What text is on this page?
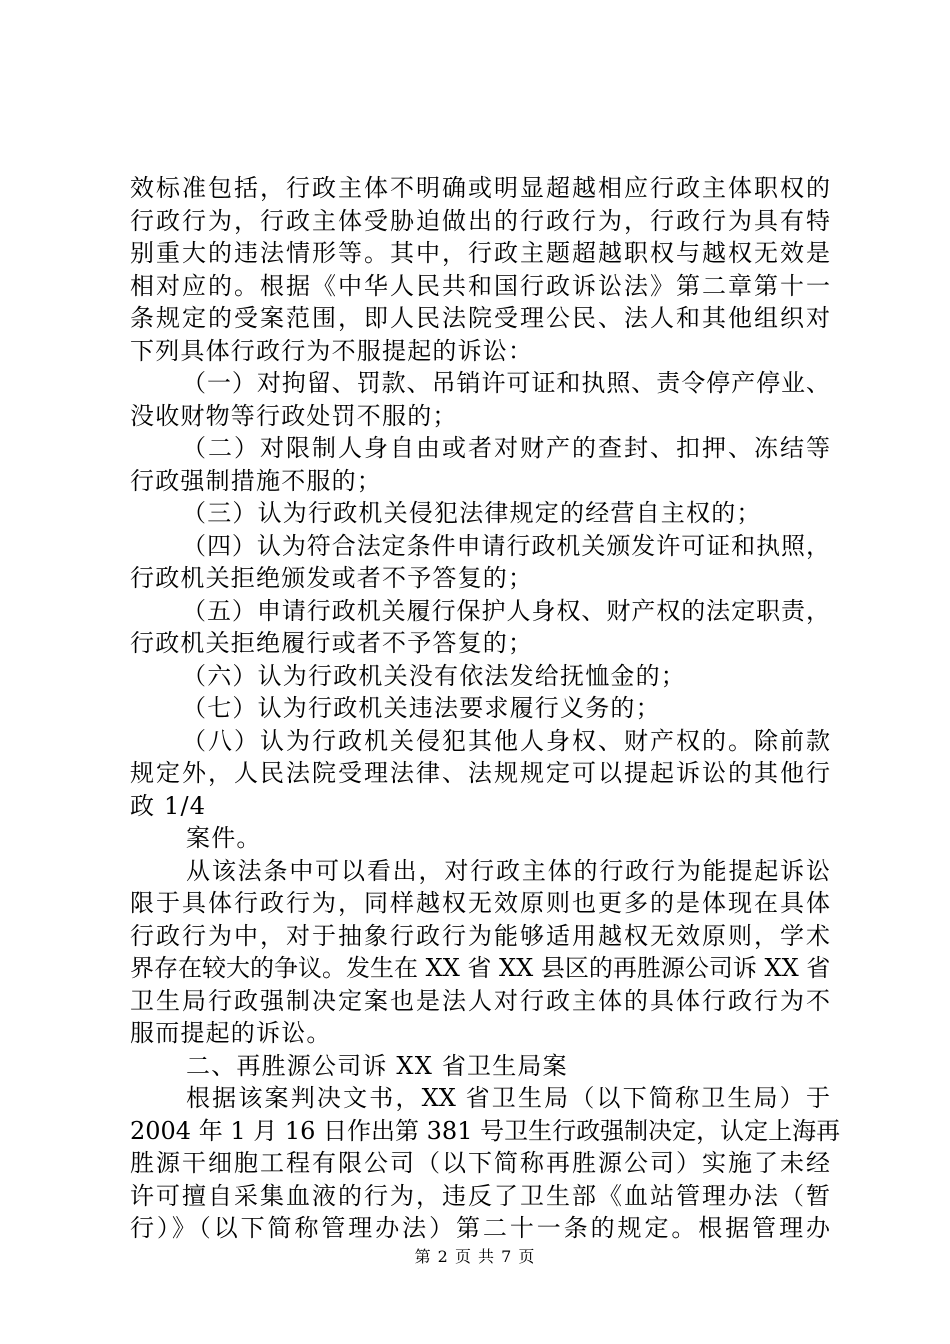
效标准包括，行政主体不明确或明显超越相应行政主体职权的
行政行为，行政主体受胁迫做出的行政行为，行政行为具有特
别重大的违法情形等。其中，行政主题超越职权与越权无效是
相对应的。根据《中华人民共和国行政诉讼法》第二章第十一
条规定的受案范围，即人民法院受理公民、法人和其他组织对
下列具体行政行为不服提起的诉讼：
（一）对拘留、罚款、吊销许可证和执照、责令停产停业、
没收财物等行政处罚不服的；
（二）对限制人身自由或者对财产的查封、扣押、冻结等
行政强制措施不服的；
（三）认为行政机关侵犯法律规定的经营自主权的；
（四）认为符合法定条件申请行政机关颁发许可证和执照，
行政机关拒绝颁发或者不予答复的；
（五）申请行政机关履行保护人身权、财产权的法定职责，
行政机关拒绝履行或者不予答复的；
（六）认为行政机关没有依法发给抚恤金的；
（七）认为行政机关违法要求履行义务的；
（八）认为行政机关侵犯其他人身权、财产权的。除前款
规定外，人民法院受理法律、法规规定可以提起诉讼的其他行
政 1/4
案件。
从该法条中可以看出，对行政主体的行政行为能提起诉讼
限于具体行政行为，同样越权无效原则也更多的是体现在具体
行政行为中，对于抽象行政行为能够适用越权无效原则，学术
界存在较大的争议。发生在 XX 省 XX 县区的再胜源公司诉 XX 省
卫生局行政强制决定案也是法人对行政主体的具体行政行为不
服而提起的诉讼。
二、再胜源公司诉 XX 省卫生局案
根据该案判决文书，XX 省卫生局（以下简称卫生局）于
2004 年 1 月 16 日作出第 381 号卫生行政强制决定，认定上海再
胜源干细胞工程有限公司（以下简称再胜源公司）实施了未经
许可擅自采集血液的行为，违反了卫生部《血站管理办法（暂
行）》（以下简称管理办法）第二十一条的规定。根据管理办
第 2 页 共 7 页
